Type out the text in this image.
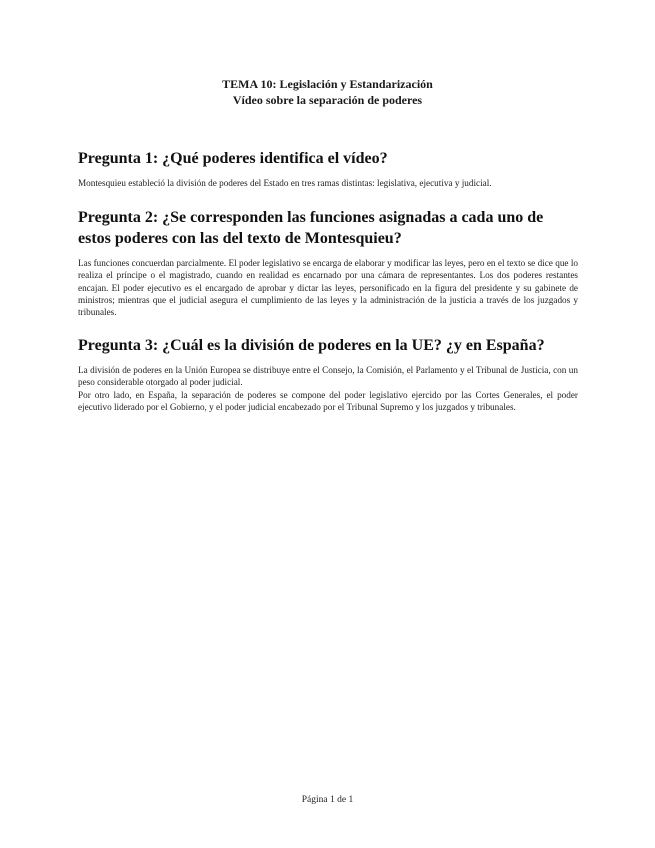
TEMA 10: Legislación y Estandarización
Vídeo sobre la separación de poderes
Pregunta 1: ¿Qué poderes identifica el vídeo?

Montesquieu estableció la división de poderes del Estado en tres ramas distintas: legislativa, ejecutiva y judicial.

Pregunta 2: ¿Se corresponden las funciones asignadas a cada uno de estos poderes con las del texto de Montesquieu?

Las funciones concuerdan parcialmente. El poder legislativo se encarga de elaborar y modificar las leyes, pero en el texto se dice que lo realiza el príncipe o el magistrado, cuando en realidad es encarnado por una cámara de representantes. Los dos poderes restantes encajan. El poder ejecutivo es el encargado de aprobar y dictar las leyes, personificado en la figura del presidente y su gabinete de ministros; mientras que el judicial asegura el cumplimiento de las leyes y la administración de la justicia a través de los juzgados y tribunales.

Pregunta 3: ¿Cuál es la división de poderes en la UE? ¿y en España?

La división de poderes en la Unión Europea se distribuye entre el Consejo, la Comisión, el Parlamento y el Tribunal de Justicia, con un peso considerable otorgado al poder judicial.

Por otro lado, en España, la separación de poderes se compone del poder legislativo ejercido por las Cortes Generales, el poder ejecutivo liderado por el Gobierno, y el poder judicial encabezado por el Tribunal Supremo y los juzgados y tribunales.

Página 1 de 1
